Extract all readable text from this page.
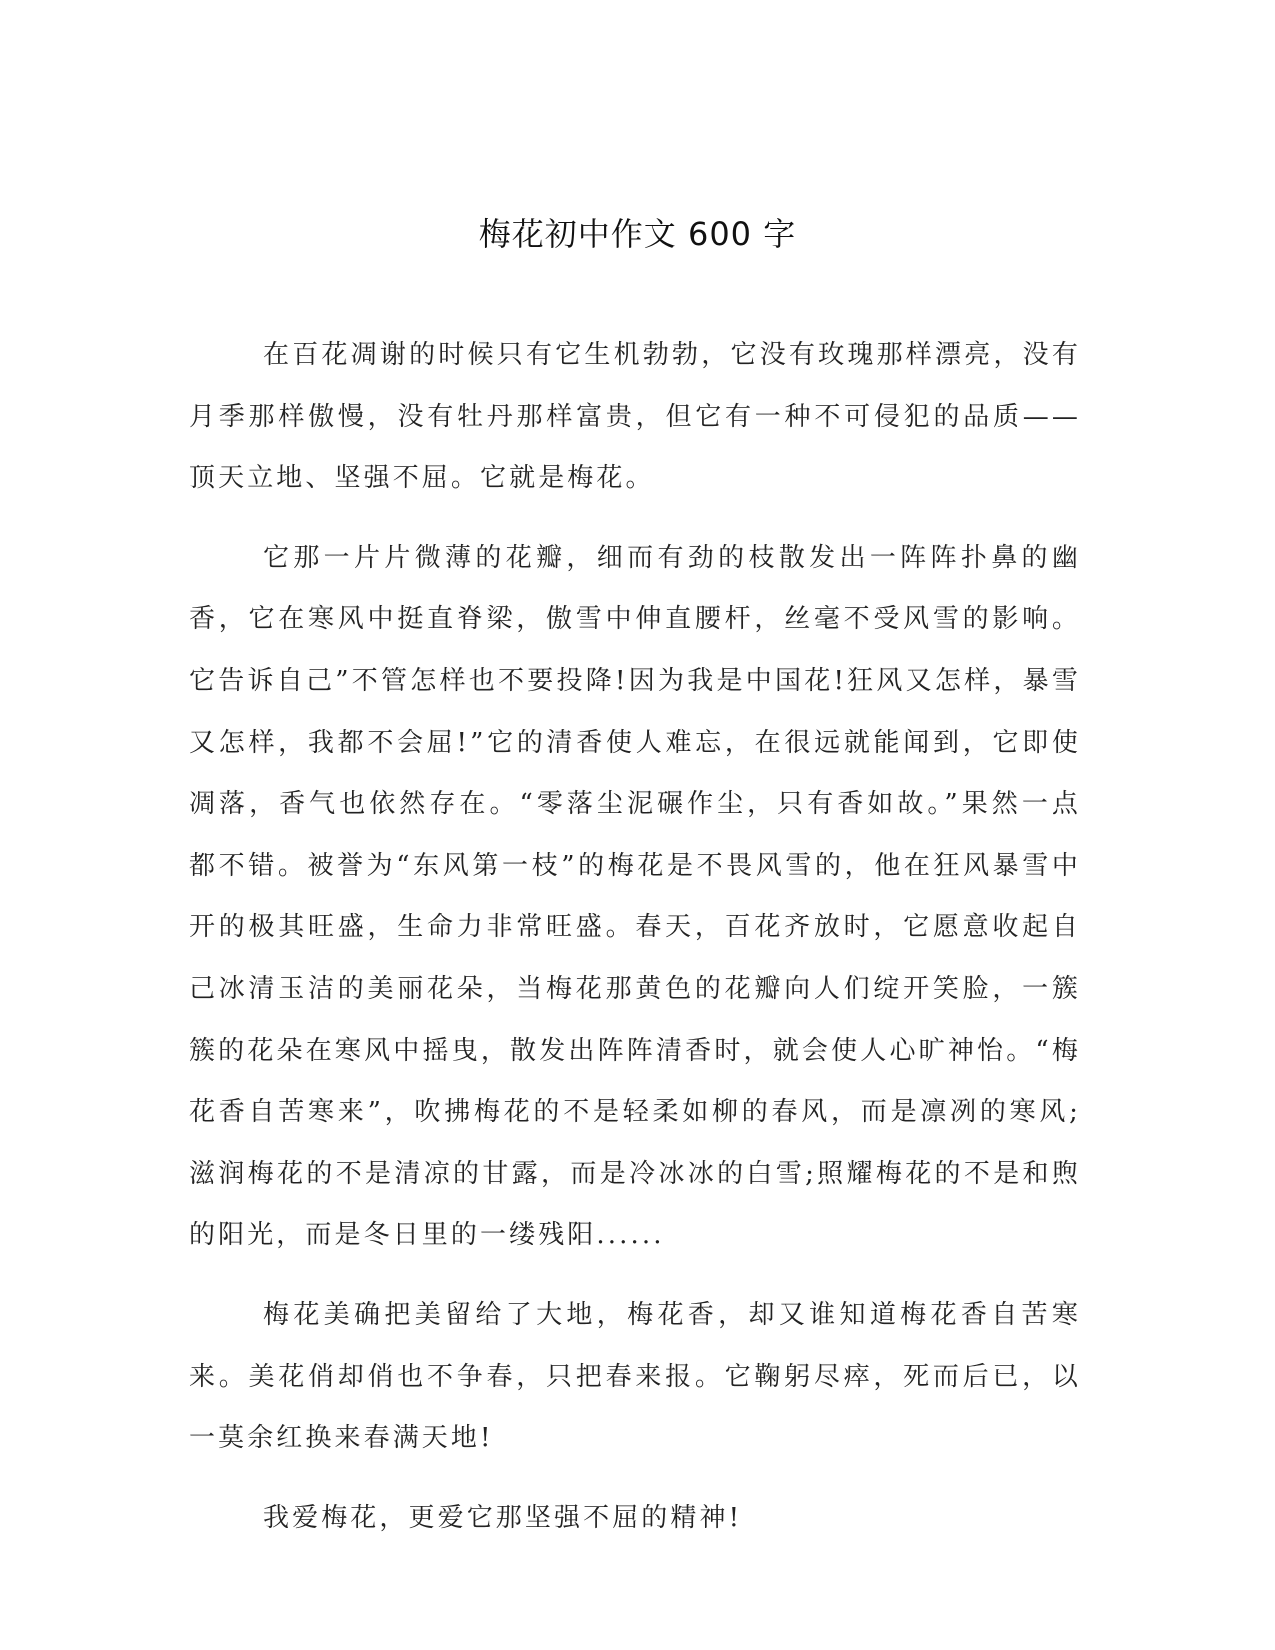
梅花初中作文 600 字

在百花凋谢的时候只有它生机勃勃，它没有玫瑰那样漂亮，没有月季那样傲慢，没有牡丹那样富贵，但它有一种不可侵犯的品质——顶天立地、坚强不屈。它就是梅花。

它那一片片微薄的花瓣，细而有劲的枝散发出一阵阵扑鼻的幽香，它在寒风中挺直脊梁，傲雪中伸直腰杆，丝毫不受风雪的影响。它告诉自己”不管怎样也不要投降!因为我是中国花!狂风又怎样，暴雪又怎样，我都不会屈!”它的清香使人难忘，在很远就能闻到，它即使凋落，香气也依然存在。“零落尘泥碾作尘，只有香如故。”果然一点都不错。被誉为“东风第一枝”的梅花是不畏风雪的，他在狂风暴雪中开的极其旺盛，生命力非常旺盛。春天，百花齐放时，它愿意收起自己冰清玉洁的美丽花朵，当梅花那黄色的花瓣向人们绽开笑脸，一簇簇的花朵在寒风中摇曳，散发出阵阵清香时，就会使人心旷神怡。“梅花香自苦寒来”，吹拂梅花的不是轻柔如柳的春风，而是凛冽的寒风;滋润梅花的不是清凉的甘露，而是冷冰冰的白雪;照耀梅花的不是和煦的阳光，而是冬日里的一缕残阳......

梅花美确把美留给了大地，梅花香，却又谁知道梅花香自苦寒来。美花俏却俏也不争春，只把春来报。它鞠躬尽瘁，死而后已，以一莫余红换来春满天地!

我爱梅花，更爱它那坚强不屈的精神!
